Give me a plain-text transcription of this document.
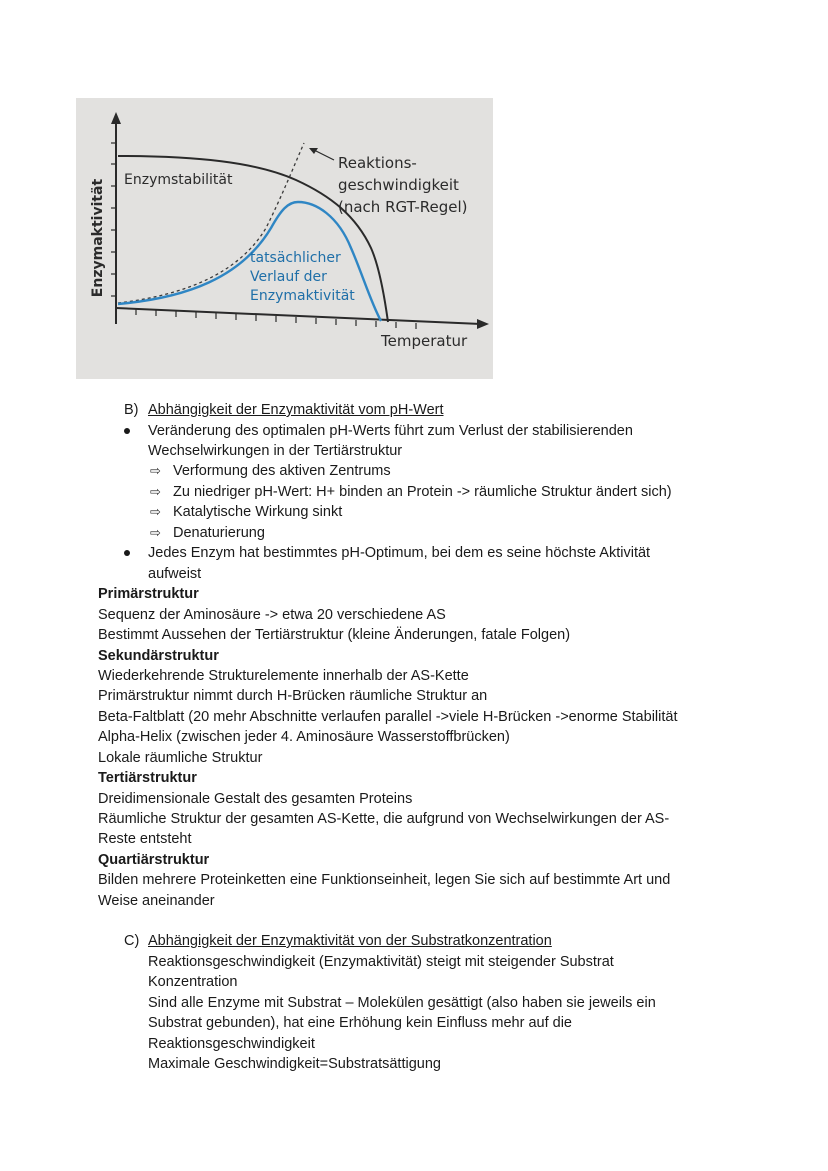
Enzymaktivität
Temperatur
Enzymstabilität
Reaktions-
geschwindigkeit
(nach RGT-Regel)
tatsächlicher
Verlauf der
Enzymaktivität
B) Abhängigkeit der Enzymaktivität vom pH-Wert
Veränderung des optimalen pH-Werts führt zum Verlust der stabilisierenden
Wechselwirkungen in der Tertiärstruktur
⇨ Verformung des aktiven Zentrums
⇨ Zu niedriger pH-Wert: H+ binden an Protein -> räumliche Struktur ändert sich)
⇨ Katalytische Wirkung sinkt
⇨ Denaturierung
Jedes Enzym hat bestimmtes pH-Optimum, bei dem es seine höchste Aktivität
aufweist
Primärstruktur
Sequenz der Aminosäure -> etwa 20 verschiedene AS
Bestimmt Aussehen der Tertiärstruktur (kleine Änderungen, fatale Folgen)
Sekundärstruktur
Wiederkehrende Strukturelemente innerhalb der AS-Kette
Primärstruktur nimmt durch H-Brücken räumliche Struktur an
Beta-Faltblatt (20 mehr Abschnitte verlaufen parallel ->viele H-Brücken ->enorme Stabilität
Alpha-Helix (zwischen jeder 4. Aminosäure Wasserstoffbrücken)
Lokale räumliche Struktur
Tertiärstruktur
Dreidimensionale Gestalt des gesamten Proteins
Räumliche Struktur der gesamten AS-Kette, die aufgrund von Wechselwirkungen der AS-
Reste entsteht
Quartiärstruktur
Bilden mehrere Proteinketten eine Funktionseinheit, legen Sie sich auf bestimmte Art und
Weise aneinander
C) Abhängigkeit der Enzymaktivität von der Substratkonzentration
Reaktionsgeschwindigkeit (Enzymaktivität) steigt mit steigender Substrat
Konzentration
Sind alle Enzyme mit Substrat – Molekülen gesättigt (also haben sie jeweils ein
Substrat gebunden), hat eine Erhöhung kein Einfluss mehr auf die
Reaktionsgeschwindigkeit
Maximale Geschwindigkeit=Substratsättigung
